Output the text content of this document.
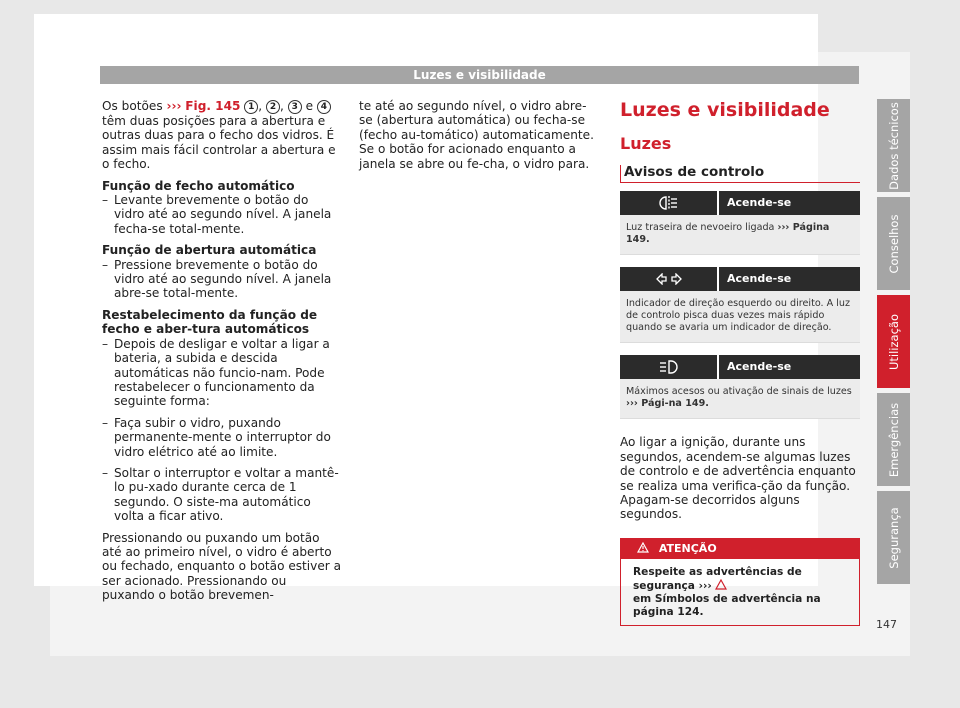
Luzes e visibilidade

Os botões ››› Fig. 145 1 , 2 , 3 e 4 têm duas posições para a abertura e outras duas para o fecho dos vidros. É assim mais fácil controlar a abertura e o fecho.

Função de fecho automático

– Levante brevemente o botão do vidro até ao segundo nível. A janela fecha-se total-mente.

Função de abertura automática

– Pressione brevemente o botão do vidro até ao segundo nível. A janela abre-se total-mente.

Restabelecimento da função de fecho e aber-tura automáticos

– Depois de desligar e voltar a ligar a bateria, a subida e descida automáticas não funcio-nam. Pode restabelecer o funcionamento da seguinte forma:
– Faça subir o vidro, puxando permanente-mente o interruptor do vidro elétrico até ao limite.
– Soltar o interruptor e voltar a mantê-lo pu-xado durante cerca de 1 segundo. O siste-ma automático volta a ficar ativo.

Pressionando ou puxando um botão até ao primeiro nível, o vidro é aberto ou fechado, enquanto o botão estiver a ser acionado. Pressionando ou puxando o botão brevemen-

te até ao segundo nível, o vidro abre-se (abertura automática) ou fecha-se (fecho au-tomático) automaticamente. Se o botão for acionado enquanto a janela se abre ou fe-cha, o vidro para.

Luzes e visibilidade
Luzes
Avisos de controlo
Acende-se
Luz traseira de nevoeiro ligada ››› Página 149.
Acende-se
Indicador de direção esquerdo ou direito. A luz de controlo pisca duas vezes mais rápido quando se avaria um indicador de direção.
Acende-se
Máximos acesos ou ativação de sinais de luzes ››› Pági-na 149.

Ao ligar a ignição, durante uns segundos, acendem-se algumas luzes de controlo e de advertência enquanto se realiza uma verifica-ção da função. Apagam-se decorridos alguns segundos.

ATENÇÃO
Respeite as advertências de segurança ›››
em Símbolos de advertência na página 124.
Dados técnicos
Conselhos
Utilização
Emergências
Segurança
147
